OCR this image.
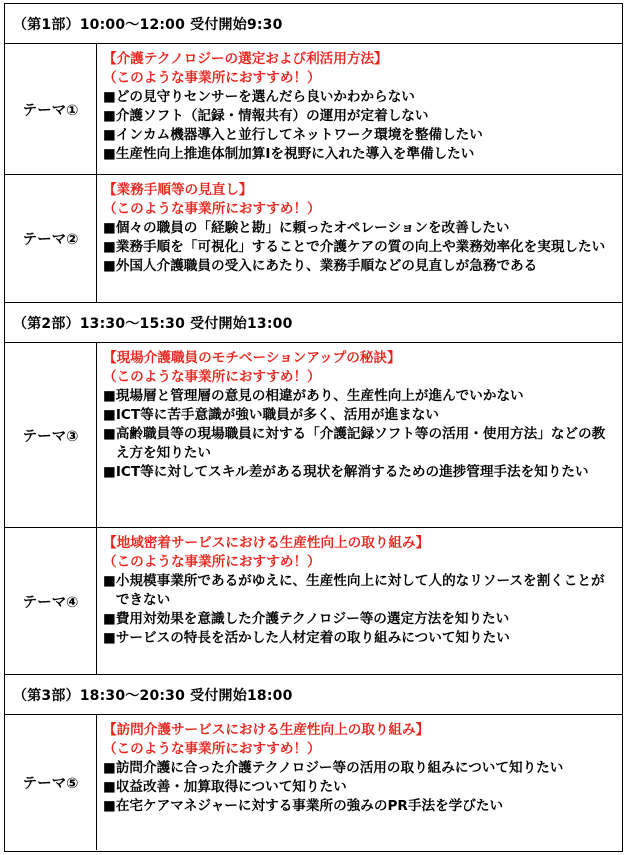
（第1部）10:00～12:00 受付開始9:30
テーマ①
【介護テクノロジーの選定および利活用方法】
（このような事業所におすすめ！）
■ どの見守りセンサーを選んだら良いかわからない
■ 介護ソフト（記録・情報共有）の運用が定着しない
■ インカム機器導入と並行してネットワーク環境を整備したい
■ 生産性向上推進体制加算Ⅰを視野に入れた導入を準備したい
テーマ②
【業務手順等の見直し】
（このような事業所におすすめ！）
■ 個々の職員の「経験と勘」に頼ったオペレーションを改善したい
■ 業務手順を「可視化」することで介護ケアの質の向上や業務効率化を実現したい
■ 外国人介護職員の受入にあたり、業務手順などの見直しが急務である
（第2部）13:30～15:30 受付開始13:00
テーマ③
【現場介護職員のモチベーションアップの秘訣】
（このような事業所におすすめ！）
■ 現場層と管理層の意見の相違があり、生産性向上が進んでいかない
■ ICT等に苦手意識が強い職員が多く、活用が進まない
■ 高齢職員等の現場職員に対する「介護記録ソフト等の活用・使用方法」などの教え方を知りたい
■ ICT等に対してスキル差がある現状を解消するための進捗管理手法を知りたい
テーマ④
【地域密着サービスにおける生産性向上の取り組み】
（このような事業所におすすめ！）
■ 小規模事業所であるがゆえに、生産性向上に対して人的なリソースを割くことができない
■ 費用対効果を意識した介護テクノロジー等の選定方法を知りたい
■ サービスの特長を活かした人材定着の取り組みについて知りたい
（第3部）18:30～20:30 受付開始18:00
テーマ⑤
【訪問介護サービスにおける生産性向上の取り組み】
（このような事業所におすすめ！）
■ 訪問介護に合った介護テクノロジー等の活用の取り組みについて知りたい
■ 収益改善・加算取得について知りたい
■ 在宅ケアマネジャーに対する事業所の強みのPR手法を学びたい
